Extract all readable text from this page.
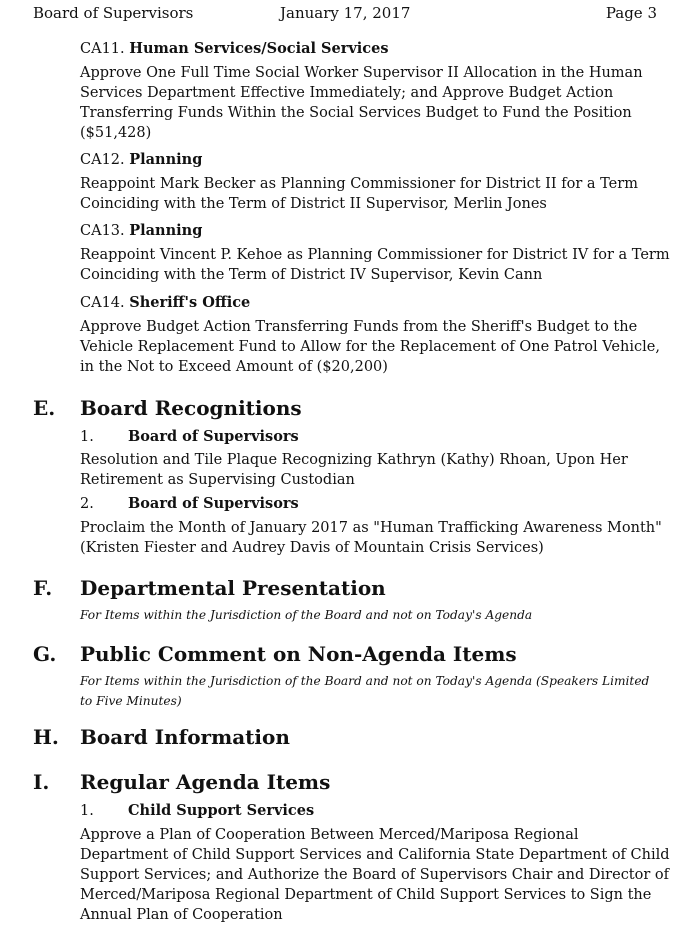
Board of Supervisors	January 17, 2017	Page 3
CA11. Human Services/Social Services
Approve One Full Time Social Worker Supervisor II Allocation in the Human Services Department Effective Immediately; and Approve Budget Action Transferring Funds Within the Social Services Budget to Fund the Position ($51,428)
CA12. Planning
Reappoint Mark Becker as Planning Commissioner for District II for a Term Coinciding with the Term of District II Supervisor, Merlin Jones
CA13. Planning
Reappoint Vincent P. Kehoe as Planning Commissioner for District IV for a Term Coinciding with the Term of District IV Supervisor, Kevin Cann
CA14. Sheriff's Office
Approve Budget Action Transferring Funds from the Sheriff's Budget to the Vehicle Replacement Fund to Allow for the Replacement of One Patrol Vehicle, in the Not to Exceed Amount of ($20,200)
E. Board Recognitions
1. Board of Supervisors
Resolution and Tile Plaque Recognizing Kathryn (Kathy) Rhoan, Upon Her Retirement as Supervising Custodian
2. Board of Supervisors
Proclaim the Month of January 2017 as "Human Trafficking Awareness Month" (Kristen Fiester and Audrey Davis of Mountain Crisis Services)
F. Departmental Presentation
For Items within the Jurisdiction of the Board and not on Today's Agenda
G. Public Comment on Non-Agenda Items
For Items within the Jurisdiction of the Board and not on Today's Agenda (Speakers Limited to Five Minutes)
H. Board Information
I. Regular Agenda Items
1. Child Support Services
Approve a Plan of Cooperation Between Merced/Mariposa Regional Department of Child Support Services and California State Department of Child Support Services; and Authorize the Board of Supervisors Chair and Director of Merced/Mariposa Regional Department of Child Support Services to Sign the Annual Plan of Cooperation
